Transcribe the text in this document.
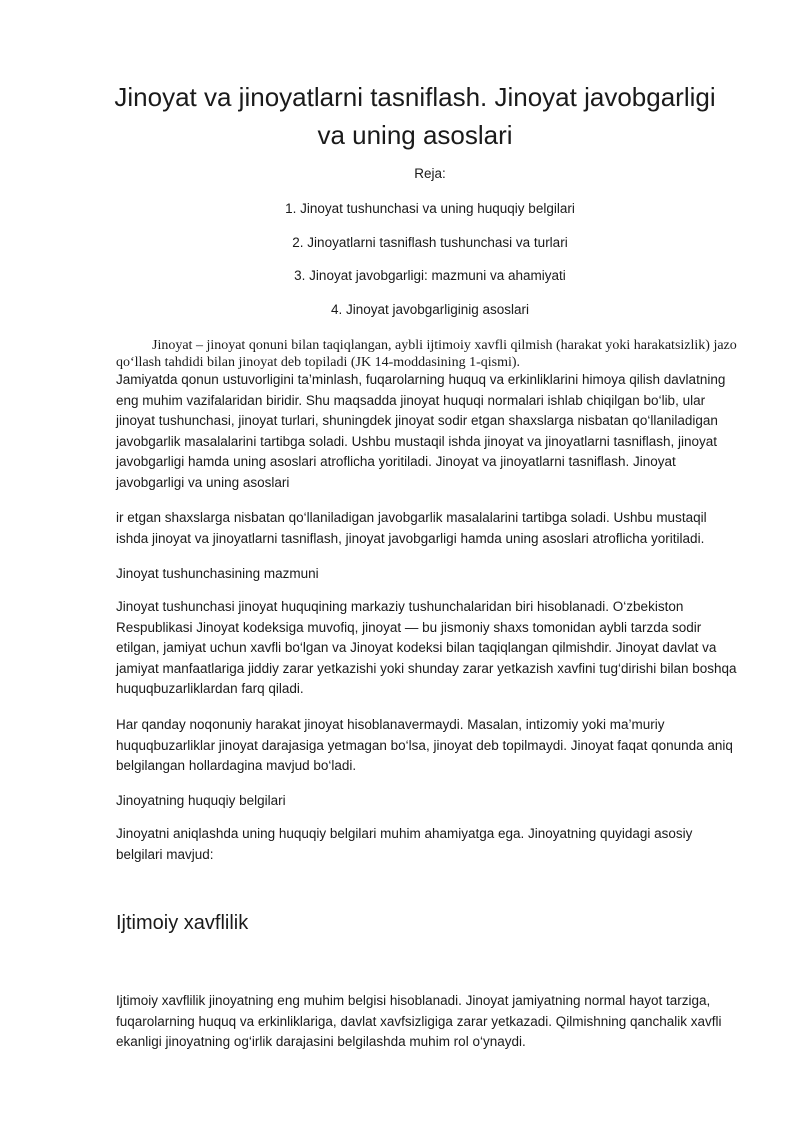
Jinoyat va jinoyatlarni tasniflash. Jinoyat javobgarligi va uning asoslari

Reja:

1. Jinoyat tushunchasi va uning huquqiy belgilari

2. Jinoyatlarni tasniflash tushunchasi va turlari

3. Jinoyat javobgarligi: mazmuni va ahamiyati

4. Jinoyat javobgarliginig asoslari

Jinoyat – jinoyat qonuni bilan taqiqlangan, aybli ijtimoiy xavfli qilmish (harakat yoki harakatsizlik) jazo qo‘llash tahdidi bilan jinoyat deb topiladi (JK 14-moddasining 1-qismi).

Jamiyatda qonun ustuvorligini ta’minlash, fuqarolarning huquq va erkinliklarini himoya qilish davlatning eng muhim vazifalaridan biridir. Shu maqsadda jinoyat huquqi normalari ishlab chiqilgan bo‘lib, ular jinoyat tushunchasi, jinoyat turlari, shuningdek jinoyat sodir etgan shaxslarga nisbatan qo‘llaniladigan javobgarlik masalalarini tartibga soladi. Ushbu mustaqil ishda jinoyat va jinoyatlarni tasniflash, jinoyat javobgarligi hamda uning asoslari atroflicha yoritiladi. Jinoyat va jinoyatlarni tasniflash. Jinoyat javobgarligi va uning asoslari

ir etgan shaxslarga nisbatan qo‘llaniladigan javobgarlik masalalarini tartibga soladi. Ushbu mustaqil ishda jinoyat va jinoyatlarni tasniflash, jinoyat javobgarligi hamda uning asoslari atroflicha yoritiladi.

Jinoyat tushunchasining mazmuni

Jinoyat tushunchasi jinoyat huquqining markaziy tushunchalaridan biri hisoblanadi. O‘zbekiston Respublikasi Jinoyat kodeksiga muvofiq, jinoyat — bu jismoniy shaxs tomonidan aybli tarzda sodir etilgan, jamiyat uchun xavfli bo‘lgan va Jinoyat kodeksi bilan taqiqlangan qilmishdir. Jinoyat davlat va jamiyat manfaatlariga jiddiy zarar yetkazishi yoki shunday zarar yetkazish xavfini tug‘dirishi bilan boshqa huquqbuzarliklardan farq qiladi.

Har qanday noqonuniy harakat jinoyat hisoblanavermaydi. Masalan, intizomiy yoki ma’muriy huquqbuzarliklar jinoyat darajasiga yetmagan bo‘lsa, jinoyat deb topilmaydi. Jinoyat faqat qonunda aniq belgilangan hollardagina mavjud bo‘ladi.

Jinoyatning huquqiy belgilari

Jinoyatni aniqlashda uning huquqiy belgilari muhim ahamiyatga ega. Jinoyatning quyidagi asosiy belgilari mavjud:

Ijtimoiy xavflilik

Ijtimoiy xavflilik jinoyatning eng muhim belgisi hisoblanadi. Jinoyat jamiyatning normal hayot tarziga, fuqarolarning huquq va erkinliklariga, davlat xavfsizligiga zarar yetkazadi. Qilmishning qanchalik xavfli ekanligi jinoyatning og‘irlik darajasini belgilashda muhim rol o‘ynaydi.
